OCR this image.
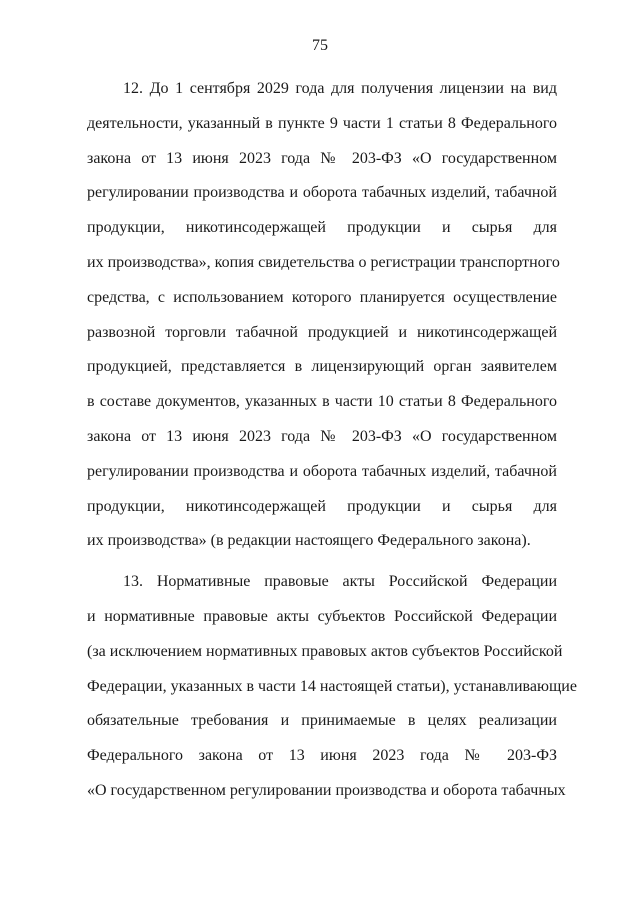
75
12. До 1 сентября 2029 года для получения лицензии на вид
деятельности, указанный в пункте 9 части 1 статьи 8 Федерального
закона от 13 июня 2023 года № 203-ФЗ «О государственном
регулировании производства и оборота табачных изделий, табачной
продукции, никотинсодержащей продукции и сырья для
их производства», копия свидетельства о регистрации транспортного
средства, с использованием которого планируется осуществление
развозной торговли табачной продукцией и никотинсодержащей
продукцией, представляется в лицензирующий орган заявителем
в составе документов, указанных в части 10 статьи 8 Федерального
закона от 13 июня 2023 года № 203-ФЗ «О государственном
регулировании производства и оборота табачных изделий, табачной
продукции, никотинсодержащей продукции и сырья для
их производства» (в редакции настоящего Федерального закона).
13. Нормативные правовые акты Российской Федерации
и нормативные правовые акты субъектов Российской Федерации
(за исключением нормативных правовых актов субъектов Российской
Федерации, указанных в части 14 настоящей статьи), устанавливающие
обязательные требования и принимаемые в целях реализации
Федерального закона от 13 июня 2023 года № 203-ФЗ
«О государственном регулировании производства и оборота табачных
